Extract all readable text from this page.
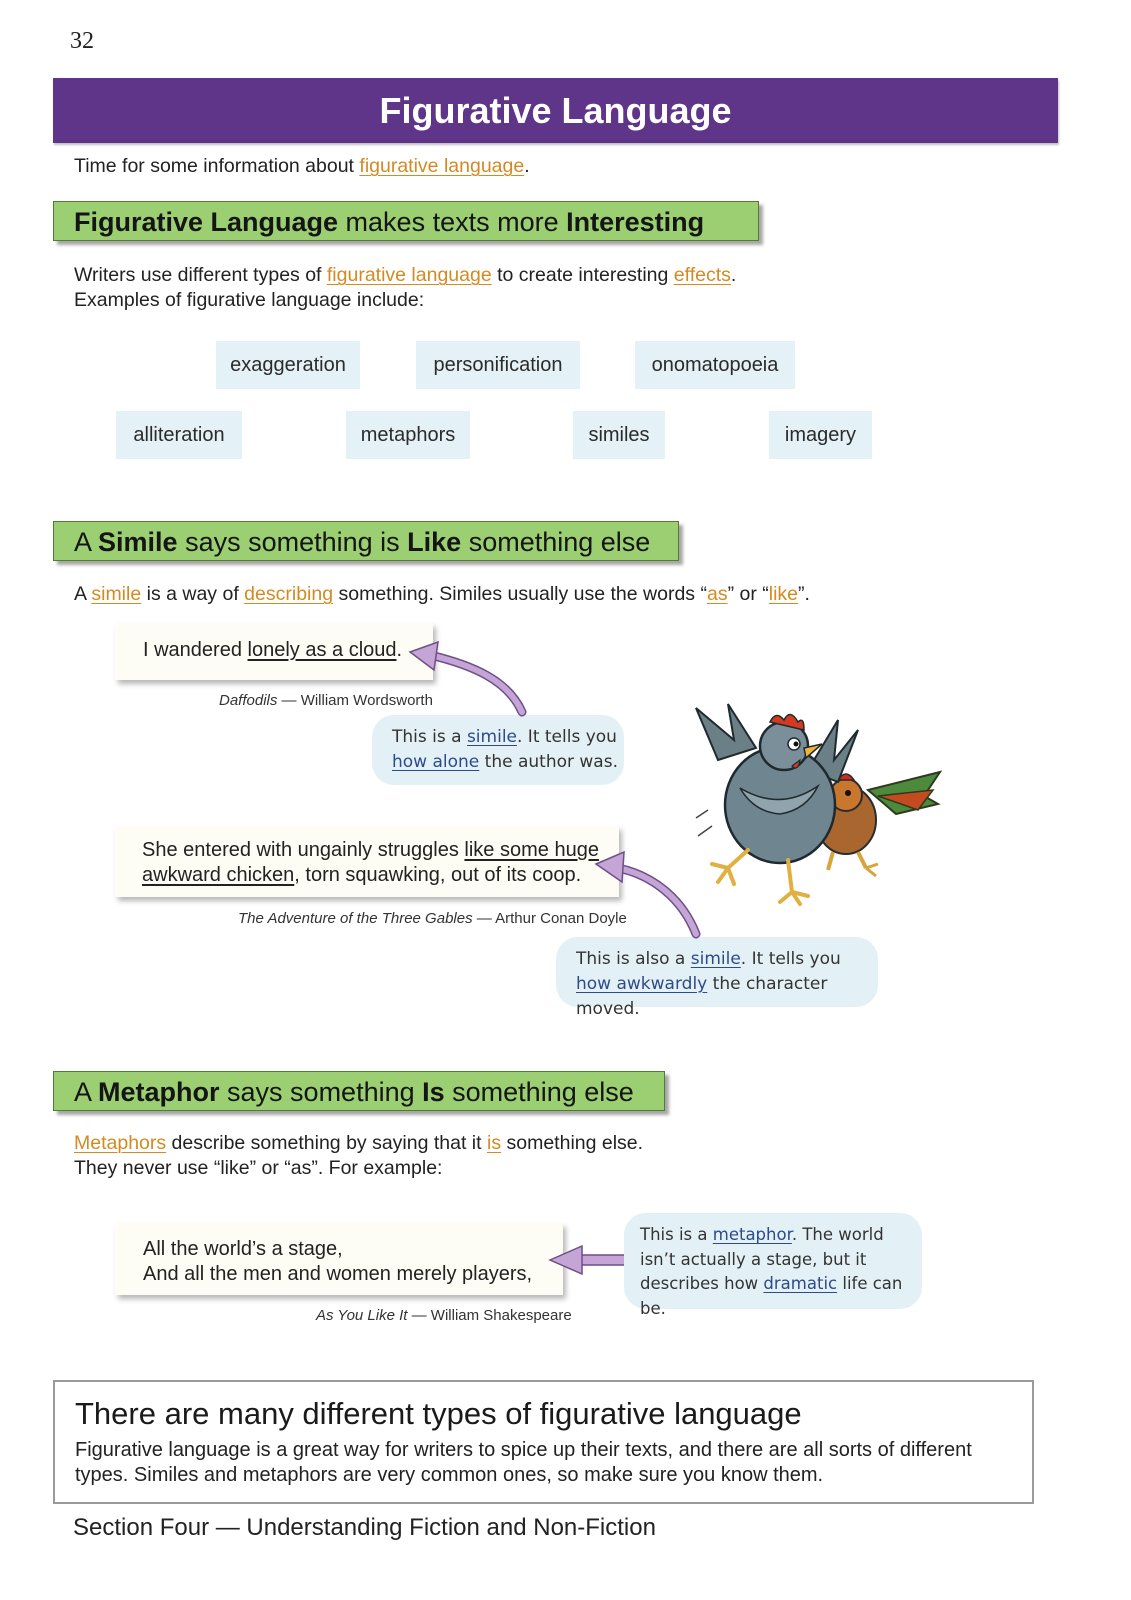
32
Figurative Language
Time for some information about figurative language.
Figurative Language makes texts more Interesting
Writers use different types of figurative language to create interesting effects.
Examples of figurative language include:
exaggeration	personification	onomatopoeia
alliteration	metaphors	similes	imagery
A Simile says something is Like something else
A simile is a way of describing something. Similes usually use the words “as” or “like”.
I wandered lonely as a cloud.
Daffodils — William Wordsworth
This is a simile. It tells you
how alone the author was.
She entered with ungainly struggles like some huge
awkward chicken, torn squawking, out of its coop.
The Adventure of the Three Gables — Arthur Conan Doyle
This is also a simile. It tells you
how awkwardly the character moved.
A Metaphor says something Is something else
Metaphors describe something by saying that it is something else.
They never use “like” or “as”. For example:
All the world’s a stage,
And all the men and women merely players,
As You Like It — William Shakespeare
This is a metaphor. The world
isn’t actually a stage, but it
describes how dramatic life can be.
There are many different types of figurative language
Figurative language is a great way for writers to spice up their texts, and there are all sorts of different types. Similes and metaphors are very common ones, so make sure you know them.
Section Four — Understanding Fiction and Non-Fiction
